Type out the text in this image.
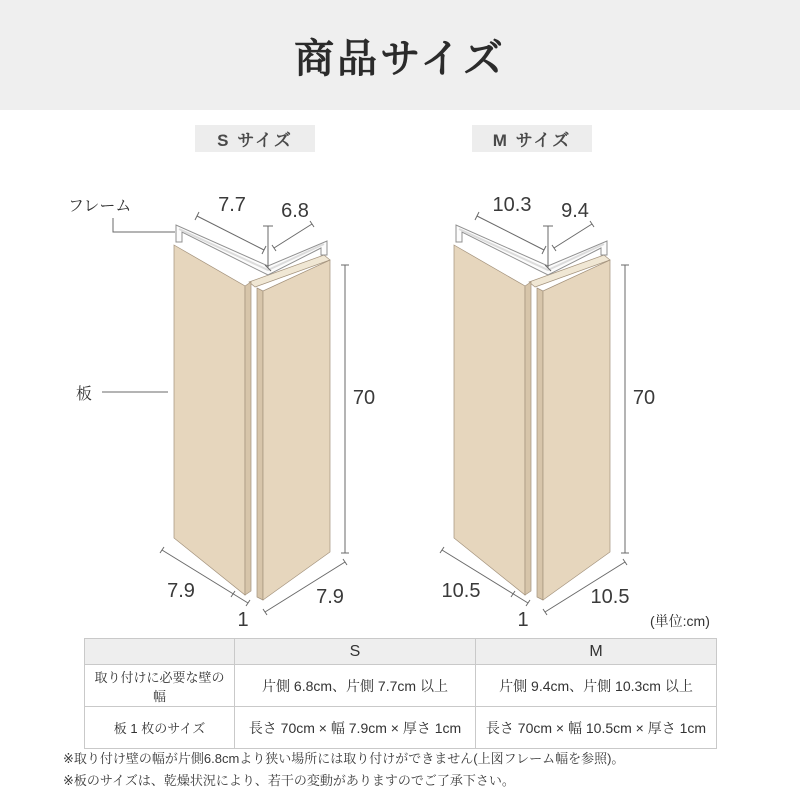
商品サイズ
S サイズ	M サイズ
フレーム
板
7.7 6.8
70
7.9
1
7.9
10.3 9.4
70
10.5
1
10.5
(単位:cm)
	S	M
取り付けに必要な壁の幅	片側 6.8cm、片側 7.7cm 以上	片側 9.4cm、片側 10.3cm 以上
板 1 枚のサイズ	長さ 70cm × 幅 7.9cm × 厚さ 1cm	長さ 70cm × 幅 10.5cm × 厚さ 1cm
※取り付け壁の幅が片側6.8cmより狭い場所には取り付けができません(上図フレーム幅を参照)。
※板のサイズは、乾燥状況により、若干の変動がありますのでご了承下さい。
